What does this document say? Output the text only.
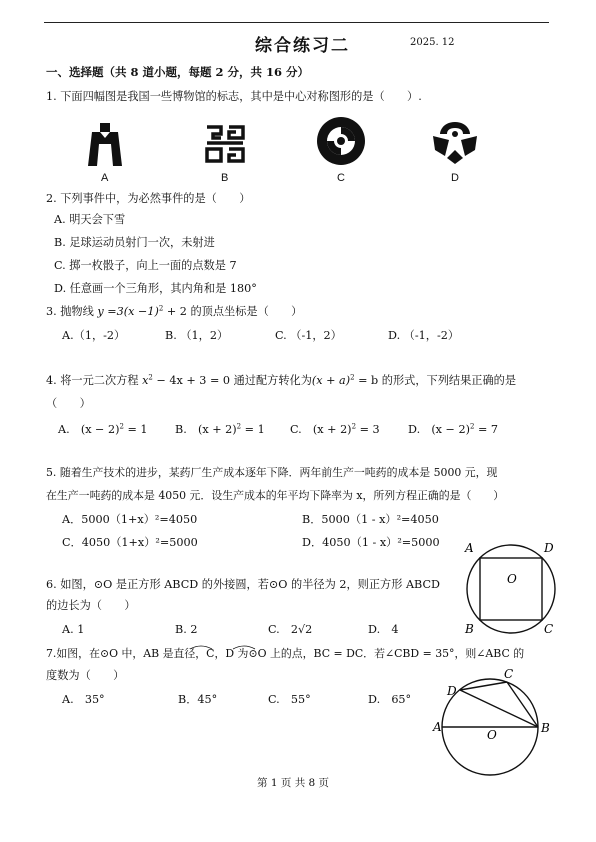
综合练习二	2025. 12
一、选择题（共 8 道小题，每题 2 分，共 16 分）
1. 下面四幅图是我国一些博物馆的标志，其中是中心对称图形的是（　　）.
A	B	C	D
2. 下列事件中，为必然事件的是（　　）
A. 明天会下雪
B. 足球运动员射门一次，未射进
C. 掷一枚骰子，向上一面的点数是 7
D. 任意画一个三角形，其内角和是 180°
3. 抛物线 $y =3(x -1)^2 + 2$ 的顶点坐标是（　　）
A.（1，-2）	B. （1，2）	C. （-1，2）	D. （-1，-2）
4. 将一元二次方程 $x^2 - 4x + 3 = 0$ 通过配方转化为$(x + a)^2 = b$ 的形式，下列结果正确的是
（　　）
A.　$(x - 2)^2 = 1$ B.　$(x + 2)^2 = 1$ C.　$(x + 2)^2 = 3$	D.　$(x - 2)^2 = 7$
5. 随着生产技术的进步，某药厂生产成本逐年下降．两年前生产一吨药的成本是 5000 元，现
在生产一吨药的成本是 4050 元．设生产成本的年平均下降率为 x，所列方程正确的是（　　）
A．5000（1+x）²=4050	B．5000（1 - x）²=4050
C．4050（1+x）²=5000	D．4050（1 - x）²=5000
6. 如图，⊙O 是正方形 ABCD 的外接圆，若⊙O 的半径为 2，则正方形 ABCD
的边长为（　　）
A. 1	B. 2	C.　2√2	D.　4
A	D
O
B	C
7.如图，在⊙O 中，AB 是直径，C，D 为⊙O 上的点，BC = DC．若∠CBD = 35°，则∠ABC 的
度数为（　　）
A.　35°	B．45°	C.　55°	D.　65°
D
C
A
O	B
第 1 页 共 8 页
